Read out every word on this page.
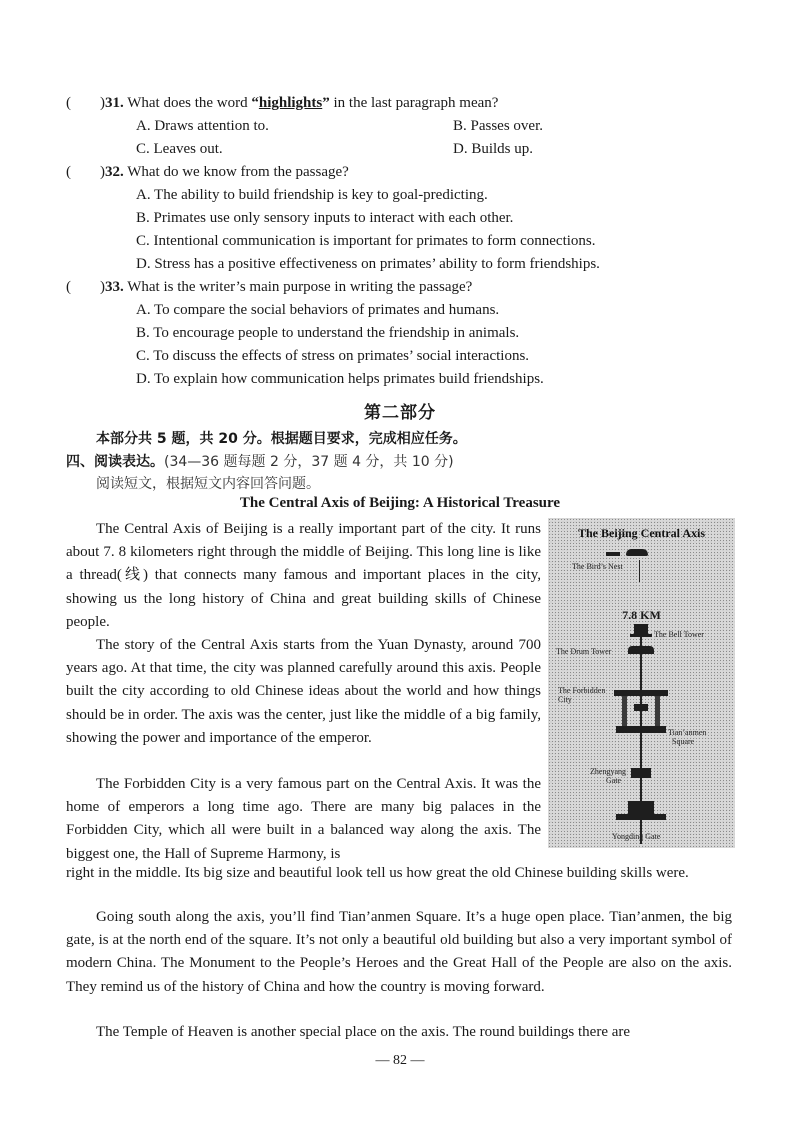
( )31. What does the word “highlights” in the last paragraph mean?
A. Draws attention to.	B. Passes over.
C. Leaves out.	D. Builds up.
( )32. What do we know from the passage?
A. The ability to build friendship is key to goal-predicting.
B. Primates use only sensory inputs to interact with each other.
C. Intentional communication is important for primates to form connections.
D. Stress has a positive effectiveness on primates’ ability to form friendships.
( )33. What is the writer’s main purpose in writing the passage?
A. To compare the social behaviors of primates and humans.
B. To encourage people to understand the friendship in animals.
C. To discuss the effects of stress on primates’ social interactions.
D. To explain how communication helps primates build friendships.
第二部分
本部分共 5 题，共 20 分。根据题目要求，完成相应任务。
四、阅读表达。(34—36 题每题 2 分，37 题 4 分，共 10 分)
阅读短文，根据短文内容回答问题。
The Central Axis of Beijing: A Historical Treasure
The Central Axis of Beijing is a really important part of the city. It runs about 7. 8 kilometers right through the middle of Beijing. This long line is like a thread(线) that connects many famous and important places in the city, showing us the long history of China and great building skills of Chinese people.
The story of the Central Axis starts from the Yuan Dynasty, around 700 years ago. At that time, the city was planned carefully around this axis. People built the city according to old Chinese ideas about the world and how things should be in order. The axis was the center, just like the middle of a big family, showing the power and importance of the emperor.
The Forbidden City is a very famous part on the Central Axis. It was the home of emperors a long time ago. There are many big palaces in the Forbidden City, which all were built in a balanced way along the axis. The biggest one, the Hall of Supreme Harmony, is
right in the middle. Its big size and beautiful look tell us how great the old Chinese building skills were.
Going south along the axis, you’ll find Tian’anmen Square. It’s a huge open place. Tian’anmen, the big gate, is at the north end of the square. It’s not only a beautiful old building but also a very important symbol of modern China. The Monument to the People’s Heroes and the Great Hall of the People are also on the axis. They remind us of the history of China and how the country is moving forward.
The Temple of Heaven is another special place on the axis. The round buildings there are
The Beijing Central Axis
The Bird’s Nest
7.8 KM
The Bell Tower
The Drum Tower
The Forbidden
City
Tian’anmen
Square
Zhengyang
Gate
Yongding Gate
— 82 —
